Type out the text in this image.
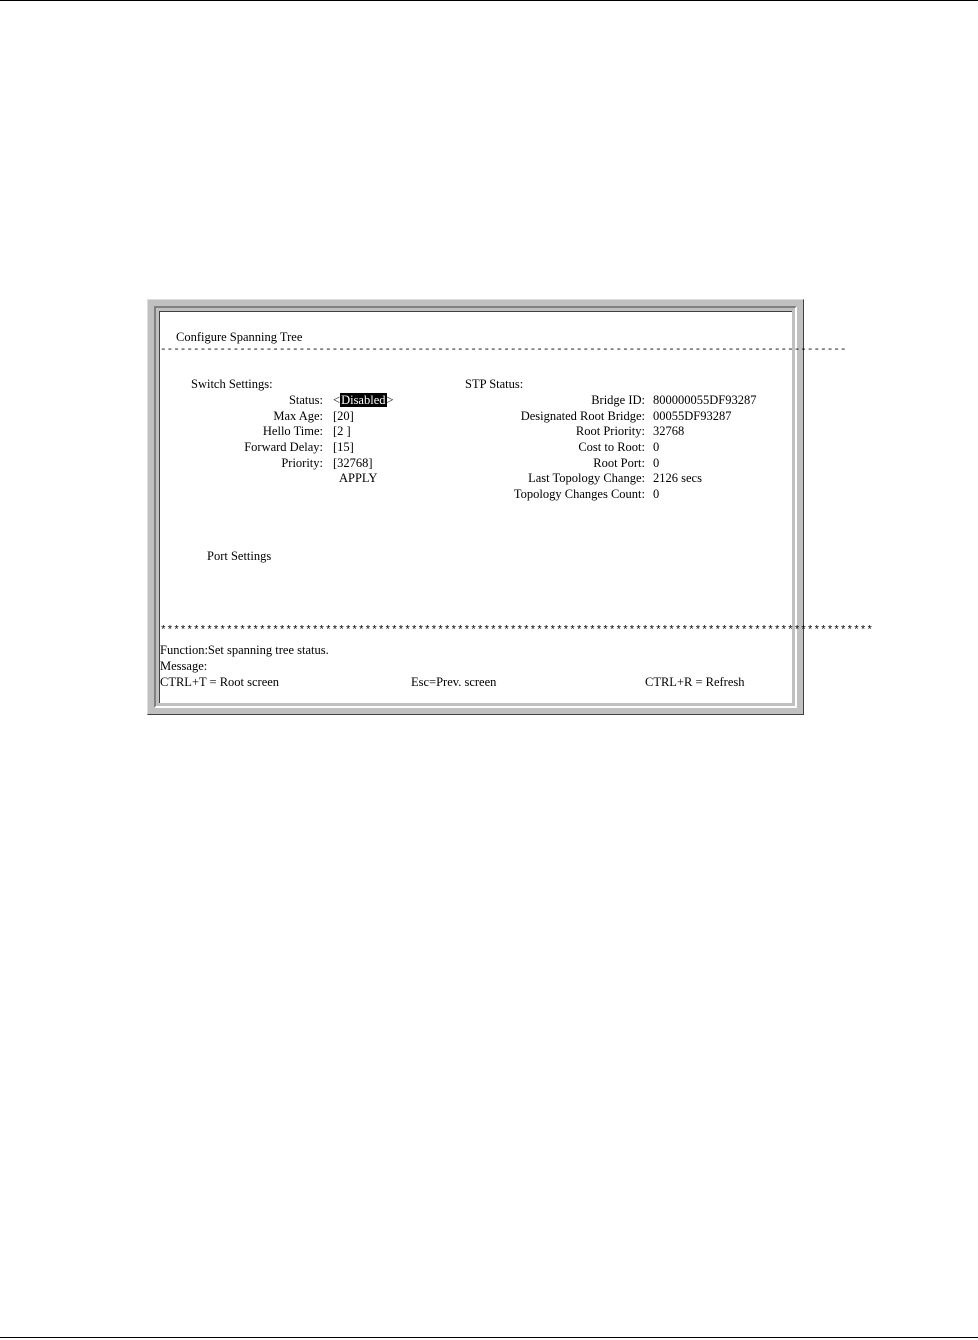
Configure Spanning Tree
--------------------------------------------------------------------------------------------------------
Switch Settings:
Status: <Disabled>
Max Age: [20]
Hello Time: [2 ]
Forward Delay: [15]
Priority: [32768]
APPLY
STP Status:
Bridge ID: 800000055DF93287
Designated Root Bridge: 00055DF93287
Root Priority: 32768
Cost to Root: 0
Root Port: 0
Last Topology Change: 2126 secs
Topology Changes Count: 0
Port Settings
************************************************************************************************************
Function:Set spanning tree status.
Message:
CTRL+T = Root screen	Esc=Prev. screen	CTRL+R = Refresh
